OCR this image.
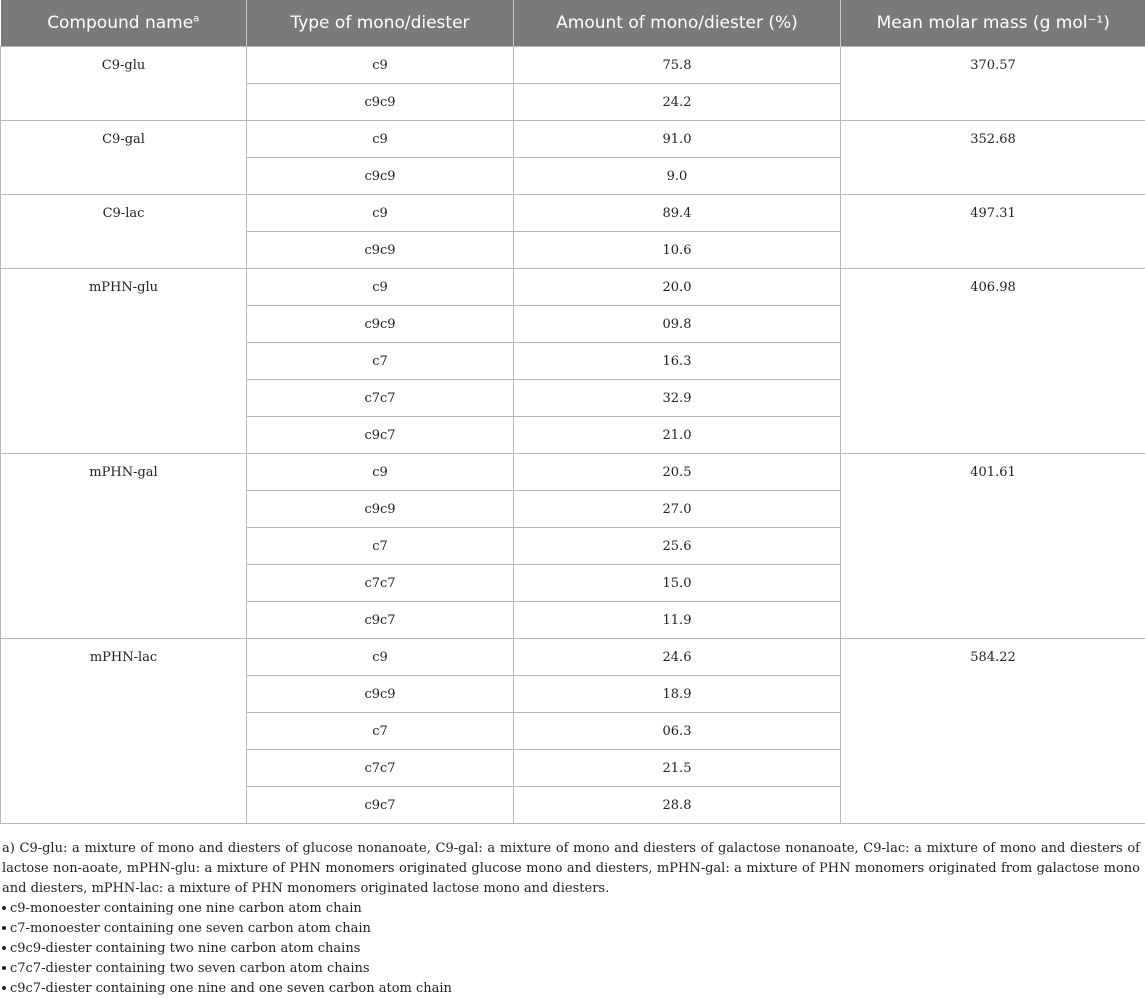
Compound name$^a$	Type of mono/diester	Amount of mono/diester (%)	Mean molar mass (g mol⁻¹)
C9-glu	c9	75.8	370.57
	c9c9	24.2	
C9-gal	c9	91.0	352.68
	c9c9	9.0	
C9-lac	c9	89.4	497.31
	c9c9	10.6	
mPHN-glu	c9	20.0	406.98
	c9c9	09.8	
	c7	16.3	
	c7c7	32.9	
	c9c7	21.0	
mPHN-gal	c9	20.5	401.61
	c9c9	27.0	
	c7	25.6	
	c7c7	15.0	
	c9c7	11.9	
mPHN-lac	c9	24.6	584.22
	c9c9	18.9	
	c7	06.3	
	c7c7	21.5	
	c9c7	28.8	

a) C9-glu: a mixture of mono and diesters of glucose nonanoate, C9-gal: a mixture of mono and diesters of galactose nonanoate, C9-lac: a mixture of mono and diesters of lactose non-aoate, mPHN-glu: a mixture of PHN monomers originated glucose mono and diesters, mPHN-gal: a mixture of PHN monomers originated from galactose mono and diesters, mPHN-lac: a mixture of PHN monomers originated lactose mono and diesters.

c9-monoester containing one nine carbon atom chain

c7-monoester containing one seven carbon atom chain

c9c9-diester containing two nine carbon atom chains

c7c7-diester containing two seven carbon atom chains

c9c7-diester containing one nine and one seven carbon atom chain
